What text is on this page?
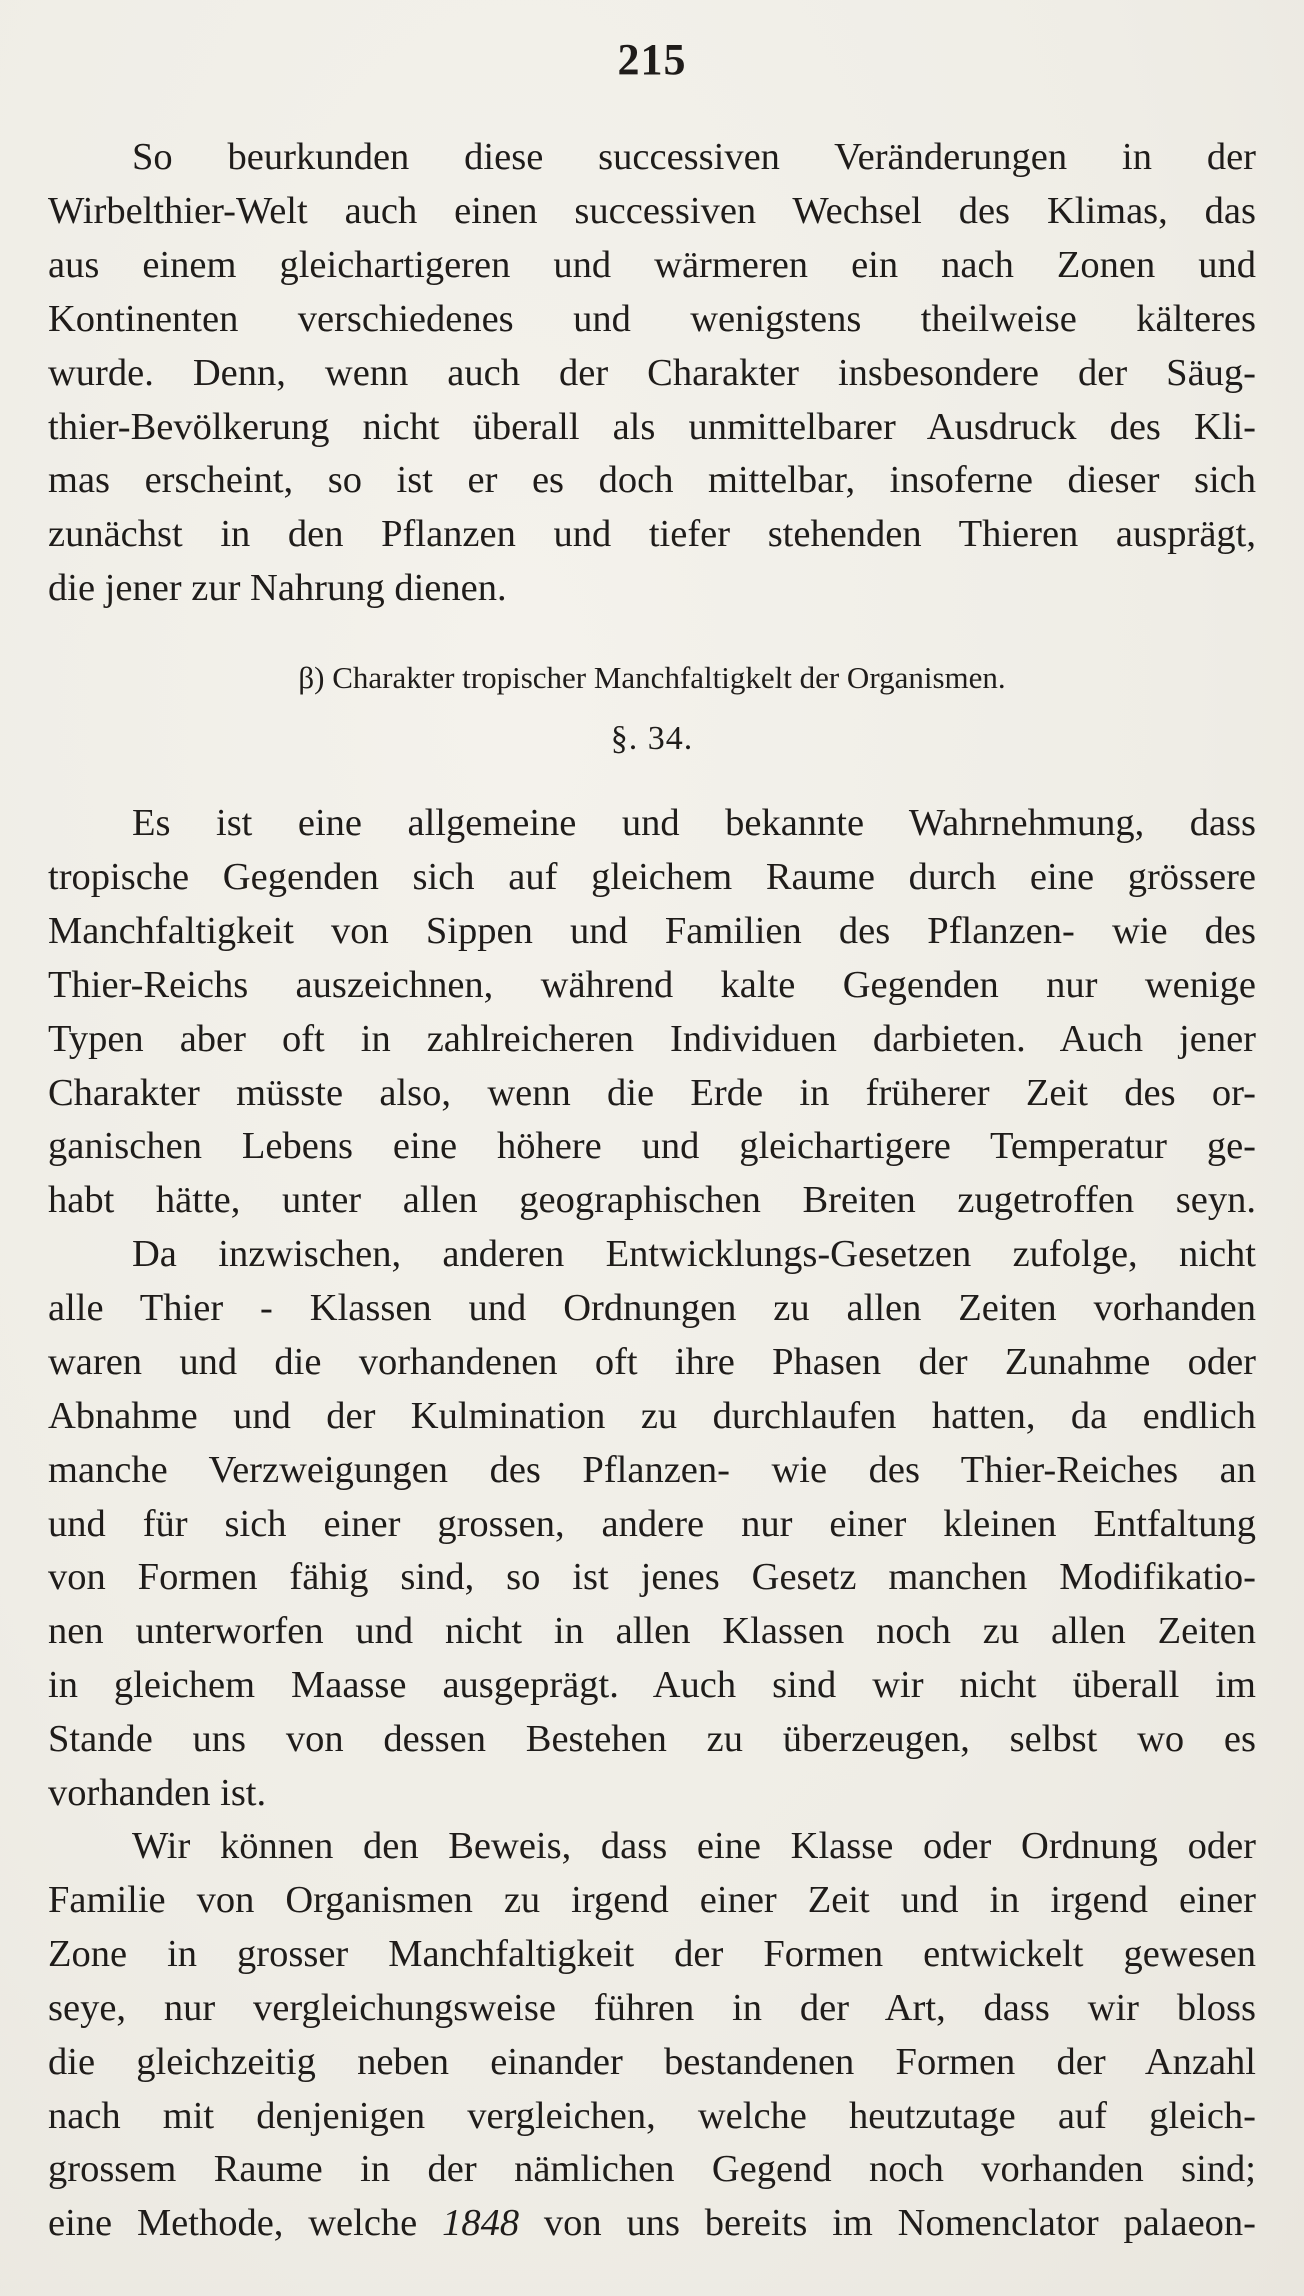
215
So beurkunden diese successiven Veränderungen in der
Wirbelthier-Welt auch einen successiven Wechsel des Klimas, das
aus einem gleichartigeren und wärmeren ein nach Zonen und
Kontinenten verschiedenes und wenigstens theilweise kälteres
wurde. Denn, wenn auch der Charakter insbesondere der Säug-
thier-Bevölkerung nicht überall als unmittelbarer Ausdruck des Kli-
mas erscheint, so ist er es doch mittelbar, insoferne dieser sich
zunächst in den Pflanzen und tiefer stehenden Thieren ausprägt,
die jener zur Nahrung dienen.
β) Charakter tropischer Manchfaltigkelt der Organismen.
§. 34.
Es ist eine allgemeine und bekannte Wahrnehmung, dass
tropische Gegenden sich auf gleichem Raume durch eine grössere
Manchfaltigkeit von Sippen und Familien des Pflanzen- wie des
Thier-Reichs auszeichnen, während kalte Gegenden nur wenige
Typen aber oft in zahlreicheren Individuen darbieten. Auch jener
Charakter müsste also, wenn die Erde in früherer Zeit des or-
ganischen Lebens eine höhere und gleichartigere Temperatur ge-
habt hätte, unter allen geographischen Breiten zugetroffen seyn.
Da inzwischen, anderen Entwicklungs-Gesetzen zufolge, nicht
alle Thier - Klassen und Ordnungen zu allen Zeiten vorhanden
waren und die vorhandenen oft ihre Phasen der Zunahme oder
Abnahme und der Kulmination zu durchlaufen hatten, da endlich
manche Verzweigungen des Pflanzen- wie des Thier-Reiches an
und für sich einer grossen, andere nur einer kleinen Entfaltung
von Formen fähig sind, so ist jenes Gesetz manchen Modifikatio-
nen unterworfen und nicht in allen Klassen noch zu allen Zeiten
in gleichem Maasse ausgeprägt. Auch sind wir nicht überall im
Stande uns von dessen Bestehen zu überzeugen, selbst wo es
vorhanden ist.
Wir können den Beweis, dass eine Klasse oder Ordnung oder
Familie von Organismen zu irgend einer Zeit und in irgend einer
Zone in grosser Manchfaltigkeit der Formen entwickelt gewesen
seye, nur vergleichungsweise führen in der Art, dass wir bloss
die gleichzeitig neben einander bestandenen Formen der Anzahl
nach mit denjenigen vergleichen, welche heutzutage auf gleich-
grossem Raume in der nämlichen Gegend noch vorhanden sind;
eine Methode, welche 1848 von uns bereits im Nomenclator palaeon-
